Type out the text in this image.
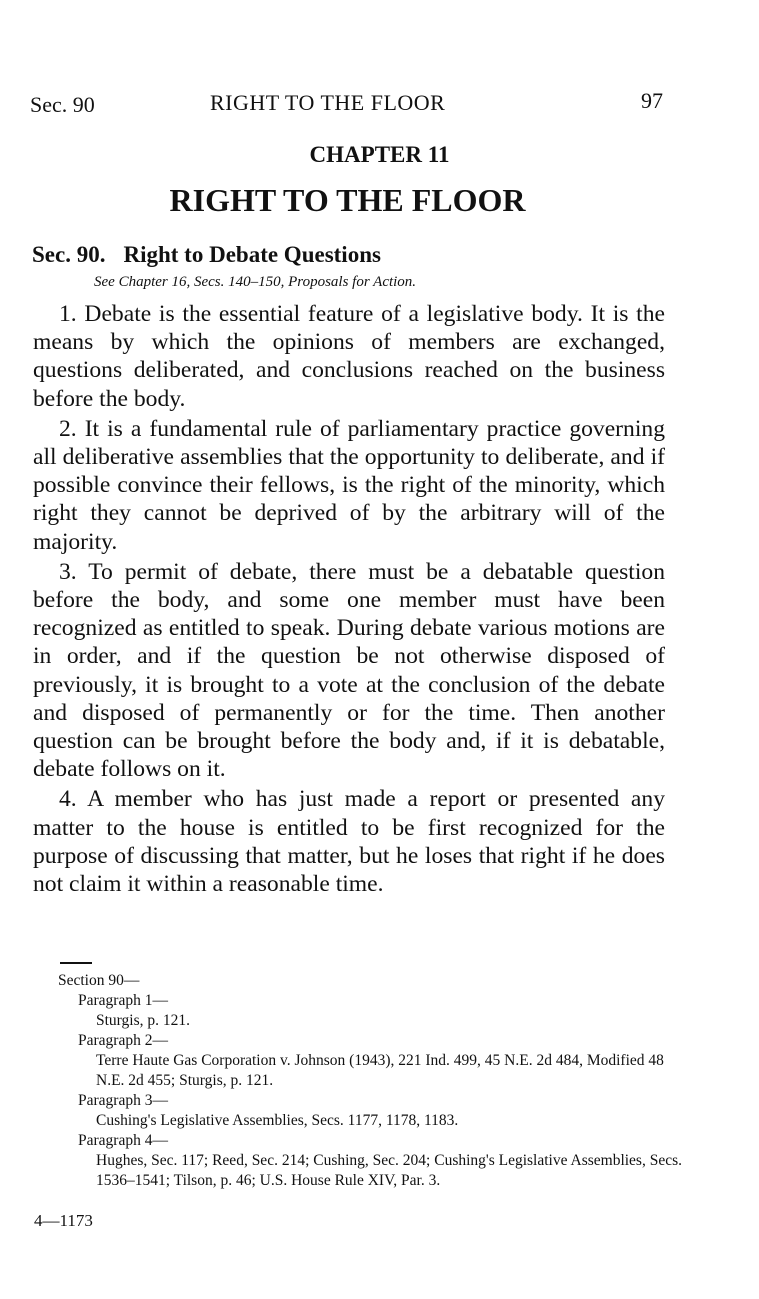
Sec. 90	RIGHT TO THE FLOOR	97
CHAPTER 11
RIGHT TO THE FLOOR
Sec. 90. Right to Debate Questions
See Chapter 16, Secs. 140–150, Proposals for Action.

1. Debate is the essential feature of a legislative body. It is the means by which the opinions of members are exchanged, questions deliberated, and conclusions reached on the business before the body.

2. It is a fundamental rule of parliamentary practice governing all deliberative assemblies that the opportunity to deliberate, and if possible convince their fellows, is the right of the minority, which right they cannot be deprived of by the arbitrary will of the majority.

3. To permit of debate, there must be a debatable question before the body, and some one member must have been recognized as entitled to speak. During debate various motions are in order, and if the question be not otherwise disposed of previously, it is brought to a vote at the conclusion of the debate and disposed of permanently or for the time. Then another question can be brought before the body and, if it is debatable, debate follows on it.

4. A member who has just made a report or presented any matter to the house is entitled to be first recognized for the purpose of discussing that matter, but he loses that right if he does not claim it within a reasonable time.

Section 90—
Paragraph 1—
Sturgis, p. 121.
Paragraph 2—
Terre Haute Gas Corporation v. Johnson (1943), 221 Ind. 499, 45 N.E. 2d 484, Modified 48 N.E. 2d 455; Sturgis, p. 121.
Paragraph 3—
Cushing's Legislative Assemblies, Secs. 1177, 1178, 1183.
Paragraph 4—
Hughes, Sec. 117; Reed, Sec. 214; Cushing, Sec. 204; Cushing's Legislative Assemblies, Secs. 1536–1541; Tilson, p. 46; U.S. House Rule XIV, Par. 3.
4—1173
